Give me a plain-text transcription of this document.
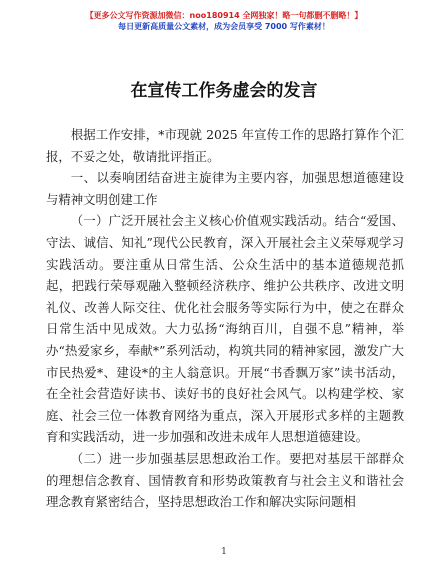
【更多公文写作资源加微信：noo180914 全网独家！略一句都删不删略！】
每日更新高质量公文素材，成为会员享受 7000 写作素材！
在宣传工作务虚会的发言

根据工作安排，*市现就 2025 年宣传工作的思路打算作个汇报，不妥之处，敬请批评指正。

一、以奏响团结奋进主旋律为主要内容，加强思想道德建设与精神文明创建工作

（一）广泛开展社会主义核心价值观实践活动。结合“爱国、守法、诚信、知礼”现代公民教育，深入开展社会主义荣辱观学习实践活动。要注重从日常生活、公众生活中的基本道德规范抓起，把践行荣辱观融入整顿经济秩序、维护公共秩序、改进文明礼仪、改善人际交往、优化社会服务等实际行为中，使之在群众日常生活中见成效。大力弘扬“海纳百川，自强不息”精神，举办“热爱家乡，奉献*”系列活动，构筑共同的精神家园，激发广大市民热爱*、建设*的主人翁意识。开展“书香飘万家”读书活动，在全社会营造好读书、读好书的良好社会风气。以构建学校、家庭、社会三位一体教育网络为重点，深入开展形式多样的主题教育和实践活动，进一步加强和改进未成年人思想道德建设。

（二）进一步加强基层思想政治工作。要把对基层干部群众的理想信念教育、国情教育和形势政策教育与社会主义和谐社会理念教育紧密结合，坚持思想政治工作和解决实际问题相

1
